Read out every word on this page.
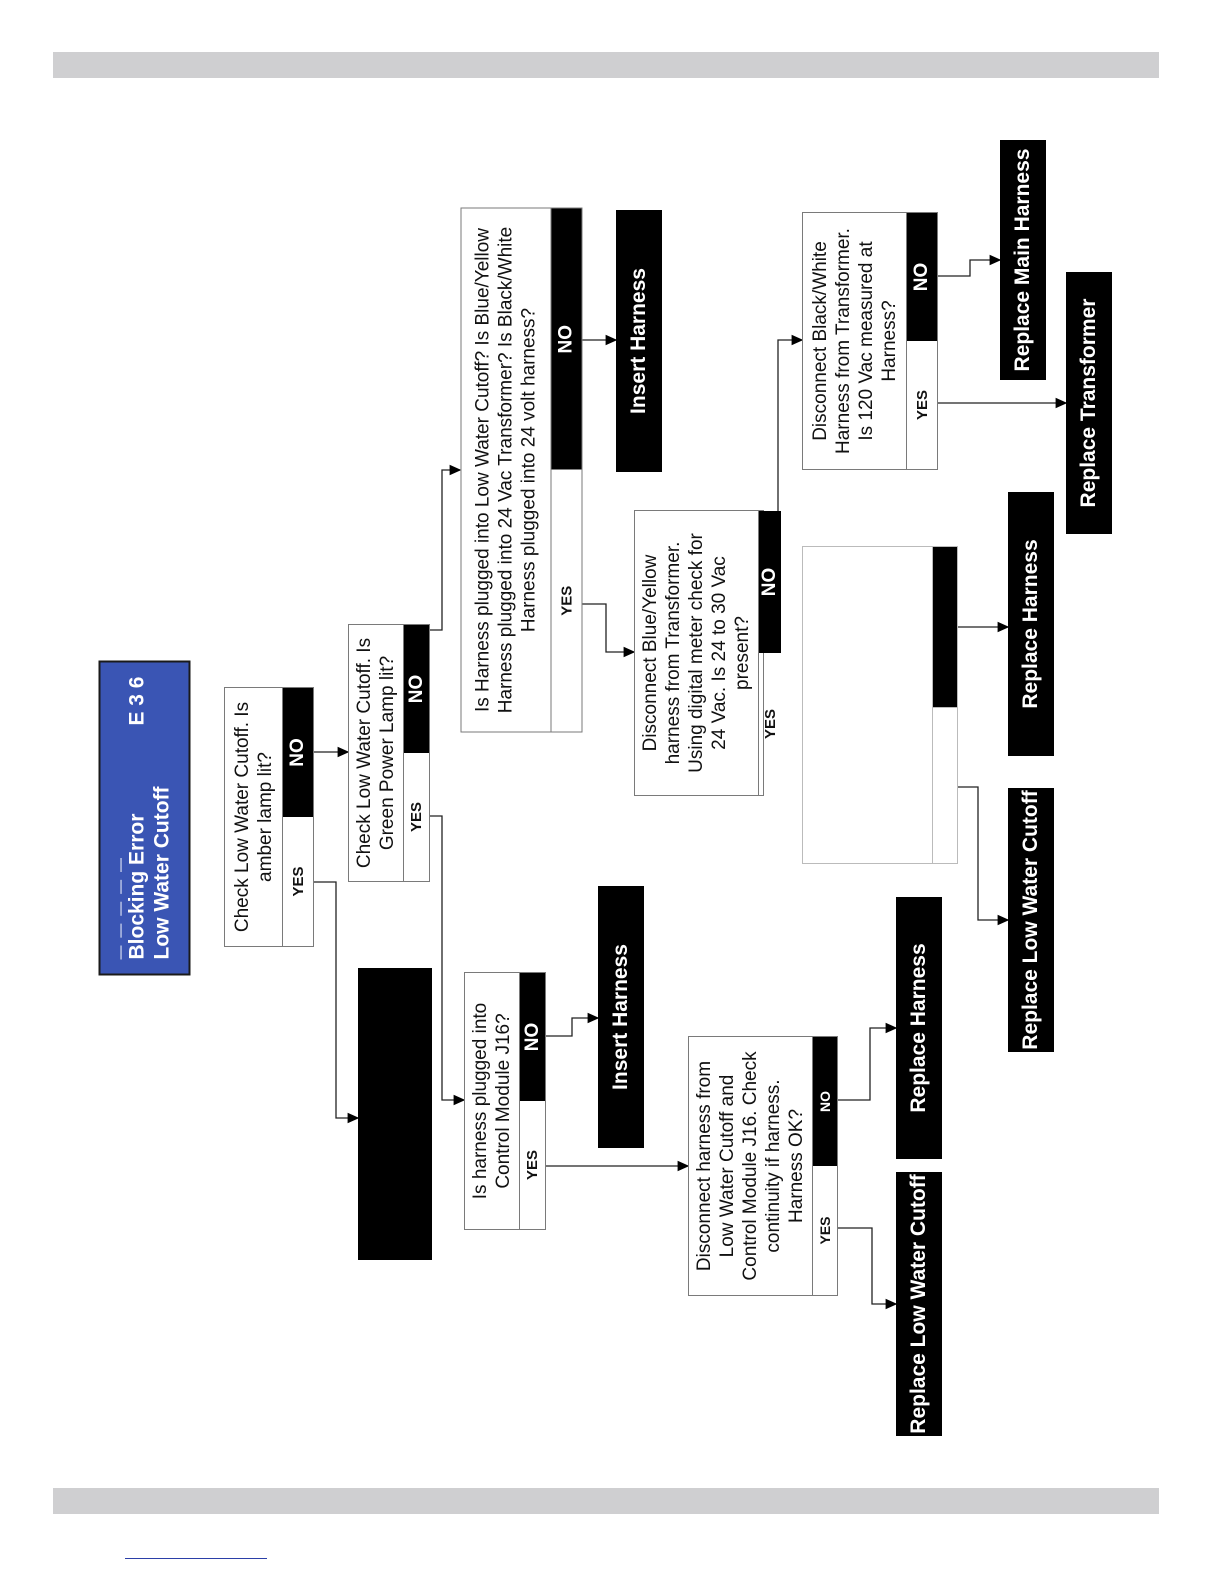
— — — — —
Blocking Error
E 3 6
Low Water Cutoff	Check Low Water Cutoff. Is amber lamp lit? YES
NO Check Low Water Cutoff. Is Green Power Lamp lit? YES
NO	Is Harness plugged into Low Water Cutoff? Is Blue/Yellow Harness plugged into 24 Vac Transformer? Is Black/White Harness plugged into 24 volt harness?	YES
NO
Is harness plugged into Control Module J16? YES
NO
Disconnect harness from Low Water Cutoff and Control Module J16. Check continuity if harness. Harness OK?
YES
NO
Disconnect Blue/Yellow harness from Transformer. Using digital meter check for 24 Vac. Is 24 to 30 Vac present?
YES
NO
Disconnect Black/White Harness from Transformer. Is 120 Vac measured at Harness?
YES
NO
Insert Harness
Insert Harness
Replace Low Water Cutoff
Replace Harness
Replace Harness
Replace Low Water Cutoff
Replace Main Harness
Replace Transformer
